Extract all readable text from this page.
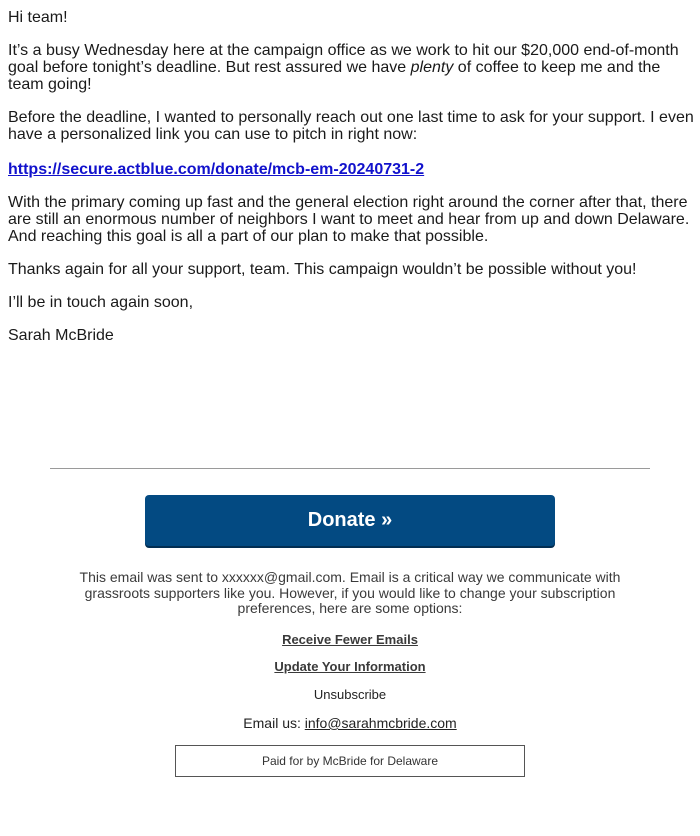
Hi team!

It’s a busy Wednesday here at the campaign office as we work to hit our $20,000 end-of-month goal before tonight’s deadline. But rest assured we have plenty of coffee to keep me and the team going!

Before the deadline, I wanted to personally reach out one last time to ask for your support. I even have a personalized link you can use to pitch in right now:

https://secure.actblue.com/donate/mcb-em-20240731-2

With the primary coming up fast and the general election right around the corner after that, there are still an enormous number of neighbors I want to meet and hear from up and down Delaware. And reaching this goal is all a part of our plan to make that possible.

Thanks again for all your support, team. This campaign wouldn’t be possible without you!

I’ll be in touch again soon,

Sarah McBride

Donate »
This email was sent to xxxxxx@gmail.com. Email is a critical way we communicate with grassroots supporters like you. However, if you would like to change your subscription preferences, here are some options:
Receive Fewer Emails
Update Your Information
Unsubscribe
Email us: info@sarahmcbride.com
Paid for by McBride for Delaware
